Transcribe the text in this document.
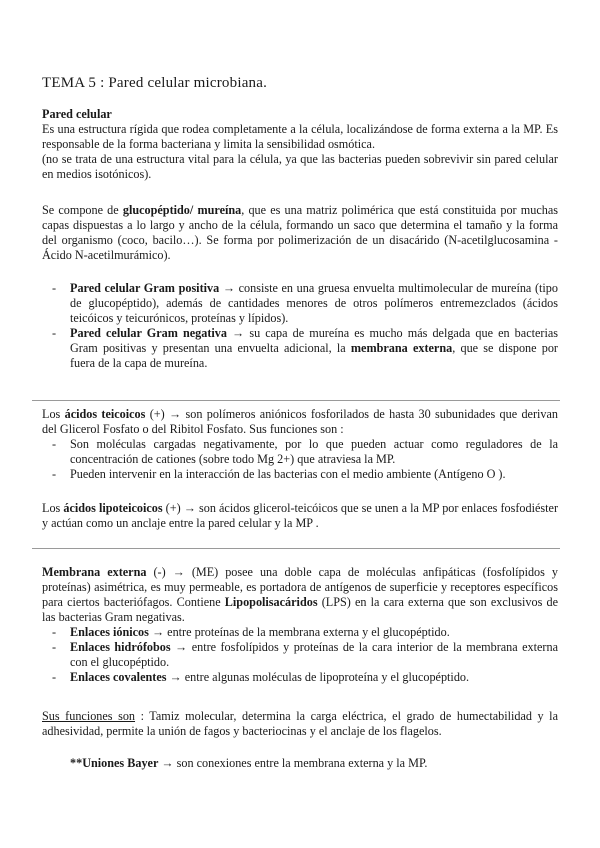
TEMA 5 : Pared celular microbiana.

Pared celular

Es una estructura rígida que rodea completamente a la célula, localizándose de forma externa a la MP. Es responsable de la forma bacteriana y limita la sensibilidad osmótica.

(no se trata de una estructura vital para la célula, ya que las bacterias pueden sobrevivir sin pared celular en medios isotónicos).

Se compone de glucopéptido/ mureína, que es una matriz polimérica que está constituida por muchas capas dispuestas a lo largo y ancho de la célula, formando un saco que determina el tamaño y la forma del organismo (coco, bacilo…). Se forma por polimerización de un disacárido (N-acetilglucosamina - Ácido N-acetilmurámico).

- Pared celular Gram positiva → consiste en una gruesa envuelta multimolecular de mureína (tipo de glucopéptido), además de cantidades menores de otros polímeros entremezclados (ácidos teicóicos y teicurónicos, proteínas y lípidos).
- Pared celular Gram negativa → su capa de mureína es mucho más delgada que en bacterias Gram positivas y presentan una envuelta adicional, la membrana externa, que se dispone por fuera de la capa de mureína.

Los ácidos teicoicos (+) → son polímeros aniónicos fosforilados de hasta 30 subunidades que derivan del Glicerol Fosfato o del Ribitol Fosfato. Sus funciones son :

- Son moléculas cargadas negativamente, por lo que pueden actuar como reguladores de la concentración de cationes (sobre todo Mg 2+) que atraviesa la MP.
- Pueden intervenir en la interacción de las bacterias con el medio ambiente (Antígeno O ).

Los ácidos lipoteicoicos (+) → son ácidos glicerol-teicóicos que se unen a la MP por enlaces fosfodiéster y actúan como un anclaje entre la pared celular y la MP .

Membrana externa (-) → (ME) posee una doble capa de moléculas anfipáticas (fosfolípidos y proteínas) asimétrica, es muy permeable, es portadora de antígenos de superficie y receptores específicos para ciertos bacteriófagos. Contiene Lipopolisacáridos (LPS) en la cara externa que son exclusivos de las bacterias Gram negativas.

- Enlaces iónicos → entre proteínas de la membrana externa y el glucopéptido.
- Enlaces hidrófobos → entre fosfolípidos y proteínas de la cara interior de la membrana externa con el glucopéptido.
- Enlaces covalentes → entre algunas moléculas de lipoproteína y el glucopéptido.

Sus funciones son : Tamiz molecular, determina la carga eléctrica, el grado de humectabilidad y la adhesividad, permite la unión de fagos y bacteriocinas y el anclaje de los flagelos.

**Uniones Bayer → son conexiones entre la membrana externa y la MP.
